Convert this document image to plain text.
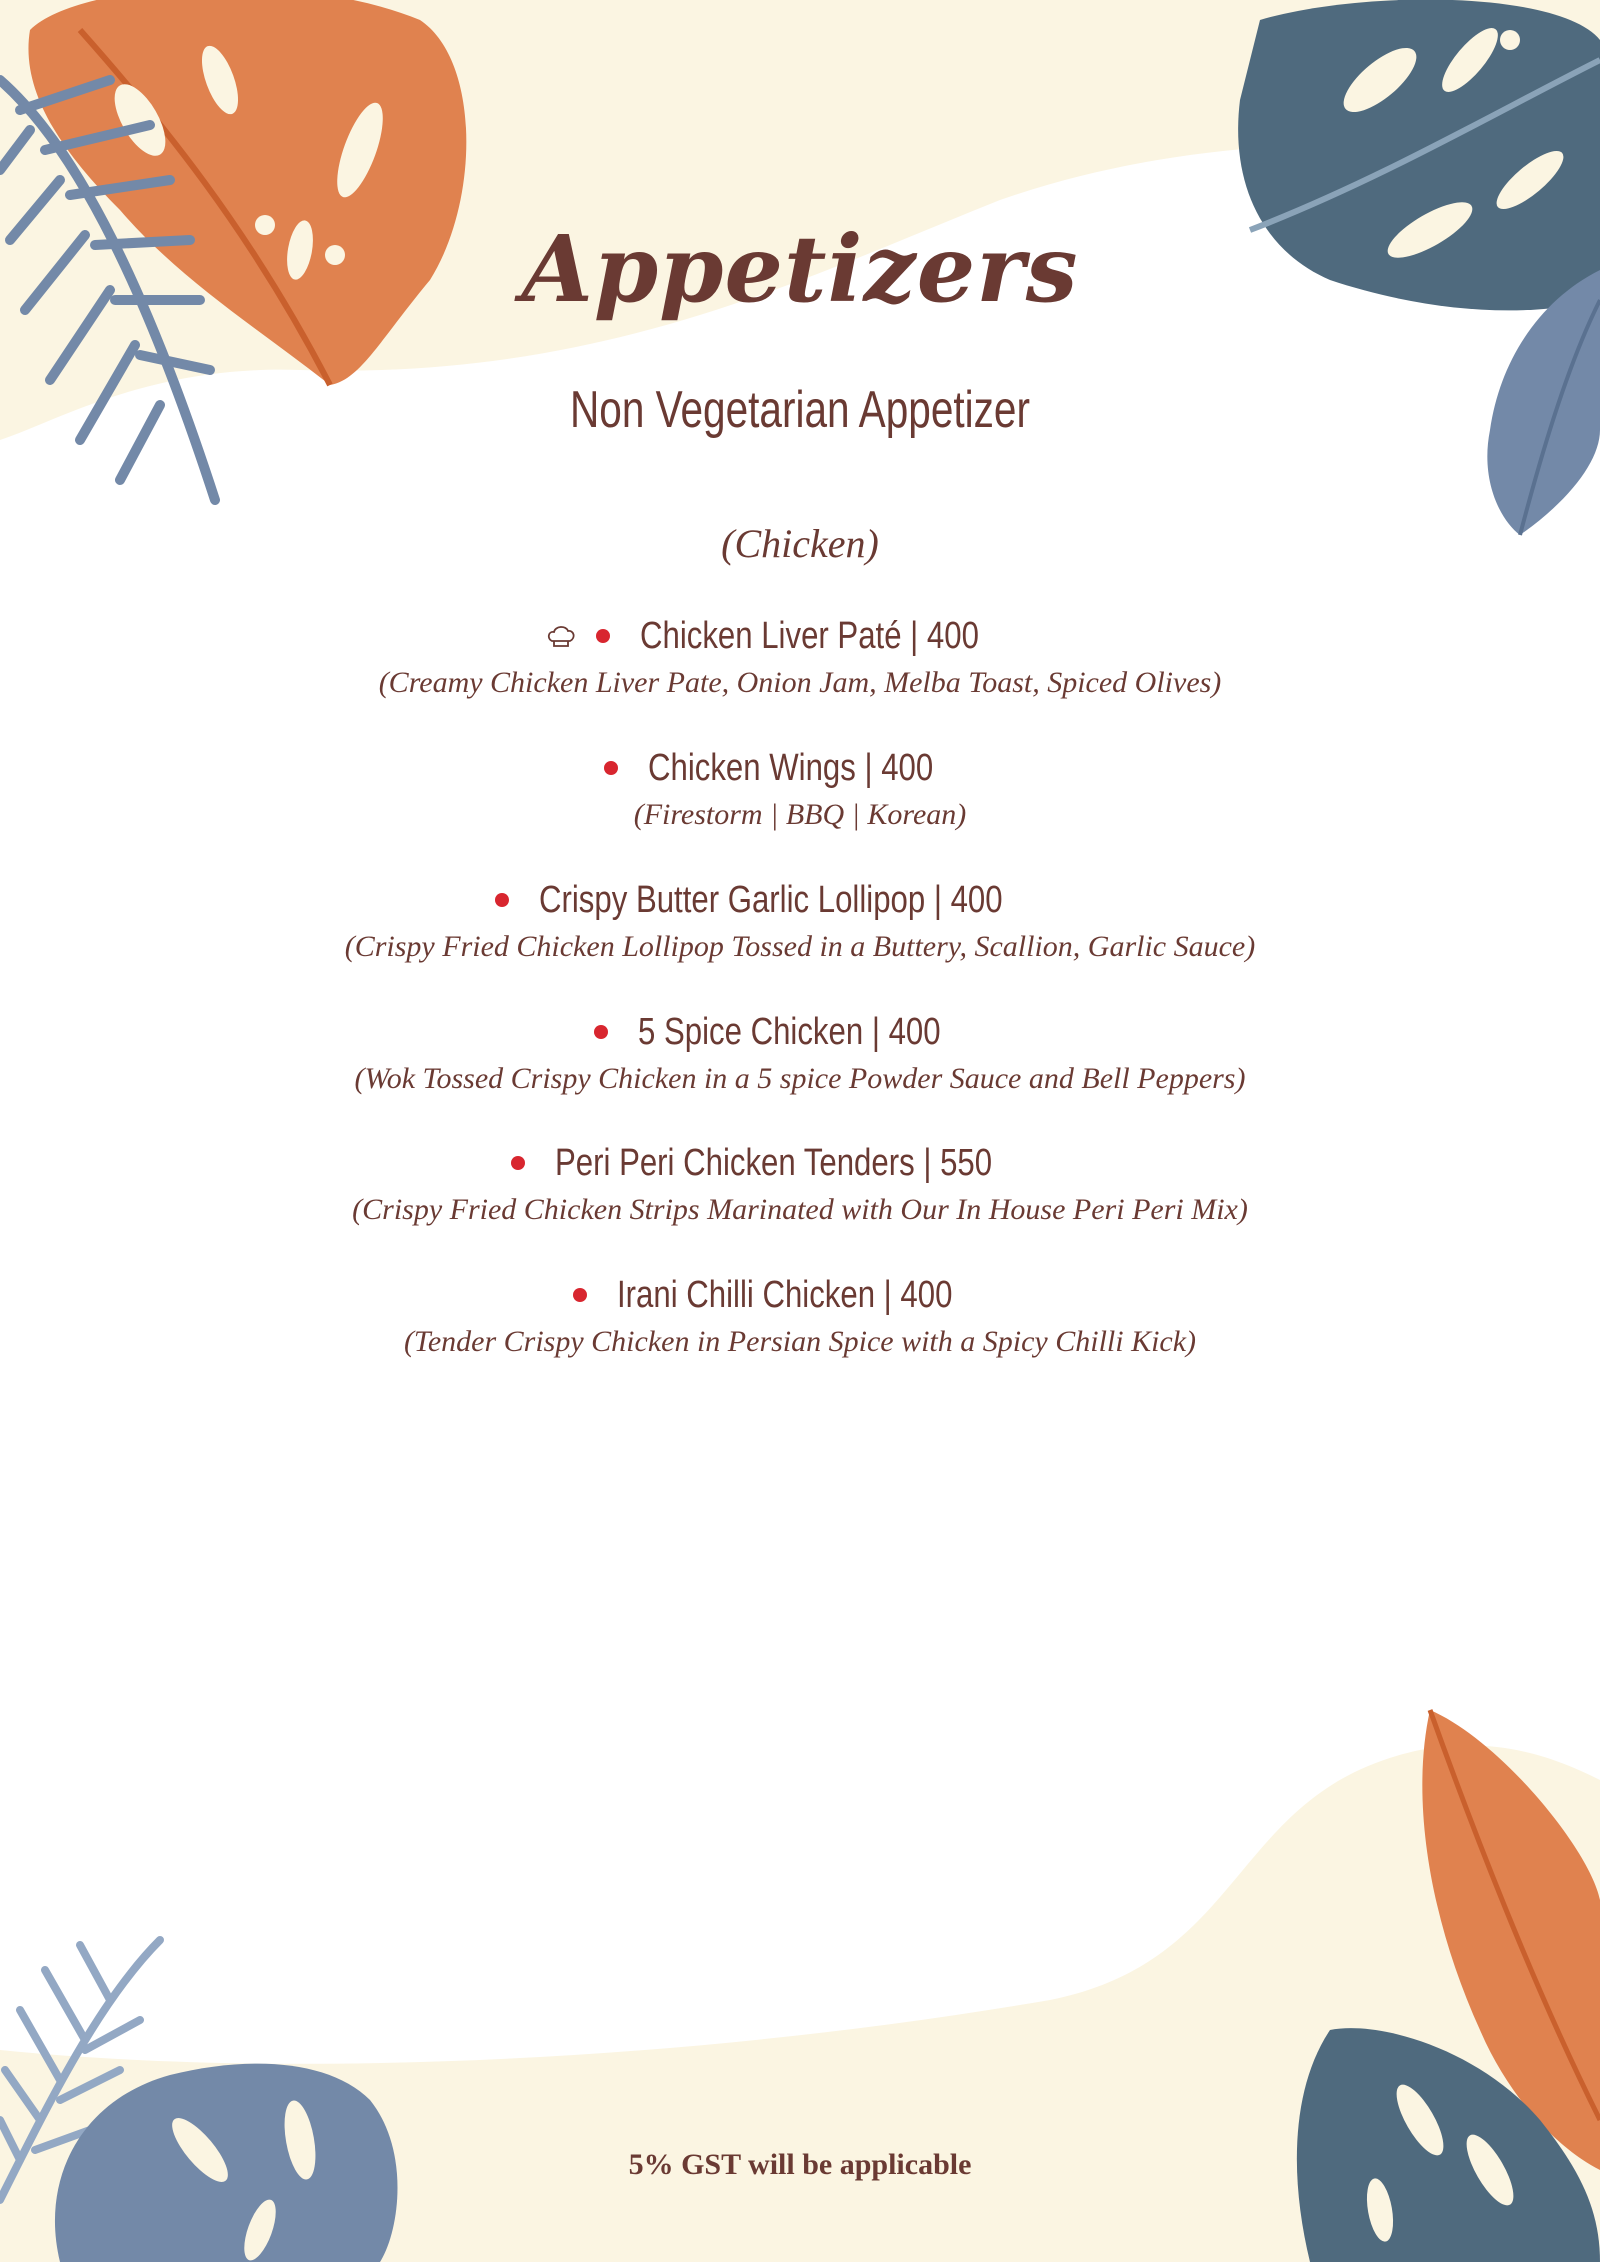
Appetizers
Non Vegetarian Appetizer
(Chicken)
Chicken Liver Paté | 400
(Creamy Chicken Liver Pate, Onion Jam, Melba Toast, Spiced Olives)
Chicken Wings | 400
(Firestorm | BBQ | Korean)
Crispy Butter Garlic Lollipop | 400
(Crispy Fried Chicken Lollipop Tossed in a Buttery, Scallion, Garlic Sauce)
5 Spice Chicken | 400
(Wok Tossed Crispy Chicken in a 5 spice Powder Sauce and Bell Peppers)
Peri Peri Chicken Tenders | 550
(Crispy Fried Chicken Strips Marinated with Our In House Peri Peri Mix)
Irani Chilli Chicken | 400
(Tender Crispy Chicken in Persian Spice with a Spicy Chilli Kick)
5% GST will be applicable
